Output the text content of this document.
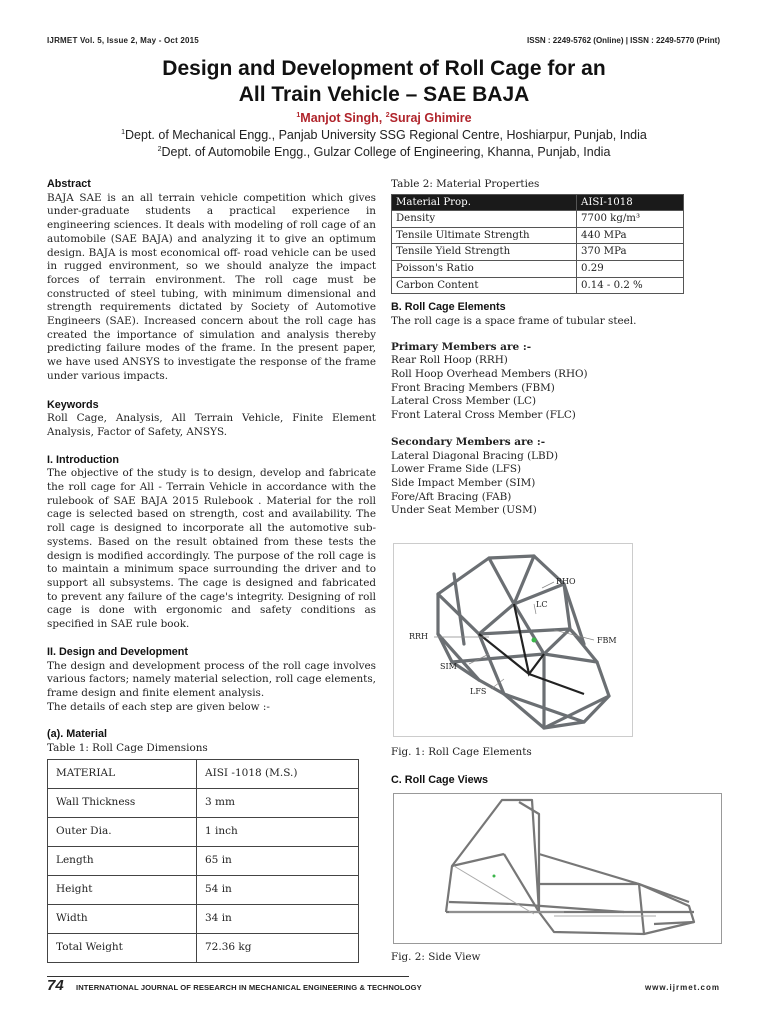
IJRMET Vol. 5, Issue 2, May - Oct 2015	ISSN : 2249-5762 (Online) | ISSN : 2249-5770 (Print)
Design and Development of Roll Cage for an
All Train Vehicle – SAE BAJA
$^1$Manjot Singh, $^2$Suraj Ghimire
$^1$Dept. of Mechanical Engg., Panjab University SSG Regional Centre, Hoshiarpur, Punjab, India
$^2$Dept. of Automobile Engg., Gulzar College of Engineering, Khanna, Punjab, India
Abstract

BAJA SAE is an all terrain vehicle competition which gives under-graduate students a practical experience in engineering sciences. It deals with modeling of roll cage of an automobile (SAE BAJA) and analyzing it to give an optimum design. BAJA is most economical off- road vehicle can be used in rugged environment, so we should analyze the impact forces of terrain environment. The roll cage must be constructed of steel tubing, with minimum dimensional and strength requirements dictated by Society of Automotive Engineers (SAE). Increased concern about the roll cage has created the importance of simulation and analysis thereby predicting failure modes of the frame. In the present paper, we have used ANSYS to investigate the response of the frame under various impacts.

Keywords

Roll Cage, Analysis, All Terrain Vehicle, Finite Element Analysis, Factor of Safety, ANSYS.

I. Introduction

The objective of the study is to design, develop and fabricate the roll cage for All - Terrain Vehicle in accordance with the rulebook of SAE BAJA 2015 Rulebook . Material for the roll cage is selected based on strength, cost and availability. The roll cage is designed to incorporate all the automotive sub-systems. Based on the result obtained from these tests the design is modified accordingly. The purpose of the roll cage is to maintain a minimum space surrounding the driver and to support all subsystems. The cage is designed and fabricated to prevent any failure of the cage's integrity. Designing of roll cage is done with ergonomic and safety conditions as specified in SAE rule book.

II. Design and Development

The design and development process of the roll cage involves various factors; namely material selection, roll cage elements, frame design and finite element analysis.

The details of each step are given below :-

(a). Material
Table 1: Roll Cage Dimensions
MATERIAL	AISI -1018 (M.S.)
Wall Thickness	3 mm
Outer Dia.	1 inch
Length	65 in
Height	54 in
Width	34 in
Total Weight	72.36 kg
Table 2: Material Properties
Material Prop.	AISI-1018
Density	7700 kg/m³
Tensile Ultimate Strength	440 MPa
Tensile Yield Strength	370 MPa
Poisson's Ratio	0.29
Carbon Content	0.14 - 0.2 %
B. Roll Cage Elements
The roll cage is a space frame of tubular steel.
Primary Members are :-
Rear Roll Hoop (RRH)
Roll Hoop Overhead Members (RHO)
Front Bracing Members (FBM)
Lateral Cross Member (LC)
Front Lateral Cross Member (FLC)
Secondary Members are :-
Lateral Diagonal Bracing (LBD)
Lower Frame Side (LFS)
Side Impact Member (SIM)
Fore/Aft Bracing (FAB)
Under Seat Member (USM)
RHO
LC
RRH	FBM
SIM
LFS
Fig. 1: Roll Cage Elements
C. Roll Cage Views
Fig. 2: Side View
74 INTERNATIONAL JOURNAL OF RESEARCH IN MECHANICAL ENGINEERING & TECHNOLOGY	www.ijrmet.com
